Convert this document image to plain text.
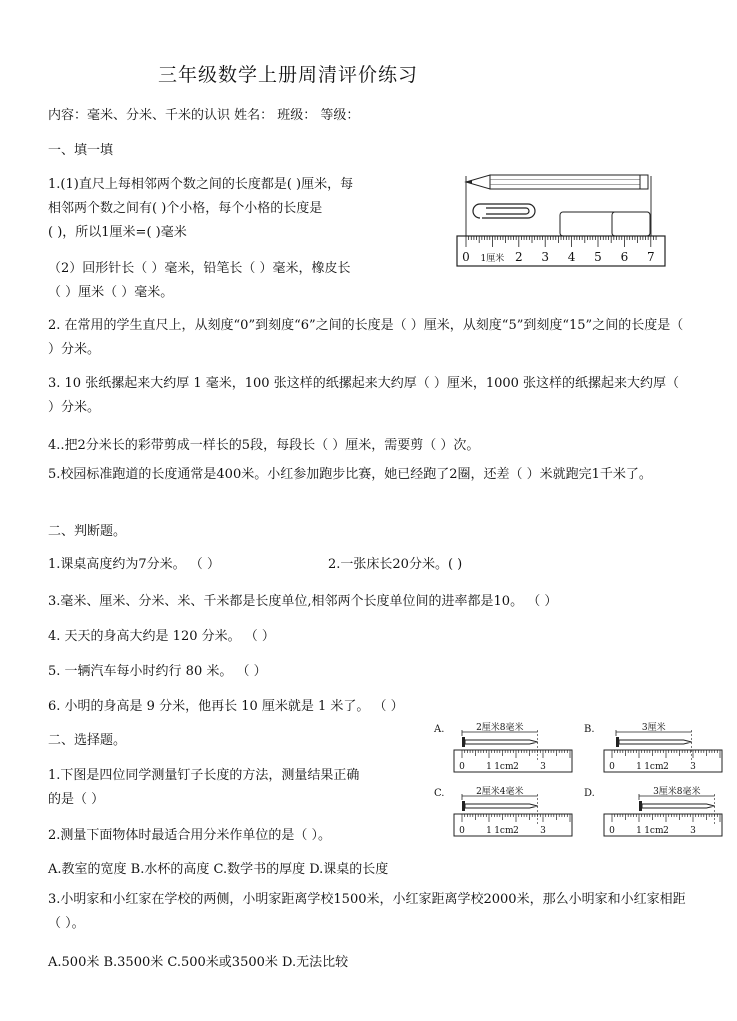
三年级数学上册周清评价练习
内容：毫米、分米、千米的认识 姓名： 班级： 等级：
一、填一填
1.(1)直尺上每相邻两个数之间的长度都是( )厘米，每
相邻两个数之间有( )个小格，每个小格的长度是
( )，所以1厘米=( )毫米
（2）回形针长（ ）毫米，铅笔长（ ）毫米，橡皮长
（ ）厘米（ ）毫米。
2. 在常用的学生直尺上，从刻度“0”到刻度“6”之间的长度是（ ）厘米，从刻度“5”到刻度“15”之间的长度是（ ）分米。
3. 10 张纸摞起来大约厚 1 毫米，100 张这样的纸摞起来大约厚（ ）厘米，1000 张这样的纸摞起来大约厚（ ）分米。
4..把2分米长的彩带剪成一样长的5段，每段长（ ）厘米，需要剪（ ）次。
5.校园标准跑道的长度通常是400米。小红参加跑步比赛，她已经跑了2圈，还差（ ）米就跑完1千米了。
二、判断题。
1.课桌高度约为7分米。 （ ）	2.一张床长20分米。( )
3.毫米、厘米、分米、米、千米都是长度单位,相邻两个长度单位间的进率都是10。 （ ）
4. 天天的身高大约是 120 分米。 （ ）
5. 一辆汽车每小时约行 80 米。 （ ）
6. 小明的身高是 9 分米，他再长 10 厘米就是 1 米了。 （ ）
二、选择题。
1.下图是四位同学测量钉子长度的方法，测量结果正确
的是（ ）
2.测量下面物体时最适合用分米作单位的是（ ）。
A.教室的宽度 B.水杯的高度 C.数学书的厚度 D.课桌的长度
3.小明家和小红家在学校的两侧，小明家距离学校1500米，小红家距离学校2000米，那么小明家和小红家相距（ ）。
A.500米 B.3500米 C.500米或3500米 D.无法比较
0 1厘米 2 3 4 5 6 7
A.	2厘米8毫米
0 1 1cm 2 3
B.	3厘米
0 1 1cm 2 3
C.	2厘米4毫米
0 1 1cm 2 3
D.	3厘米8毫米
0 1 1cm 2 3
